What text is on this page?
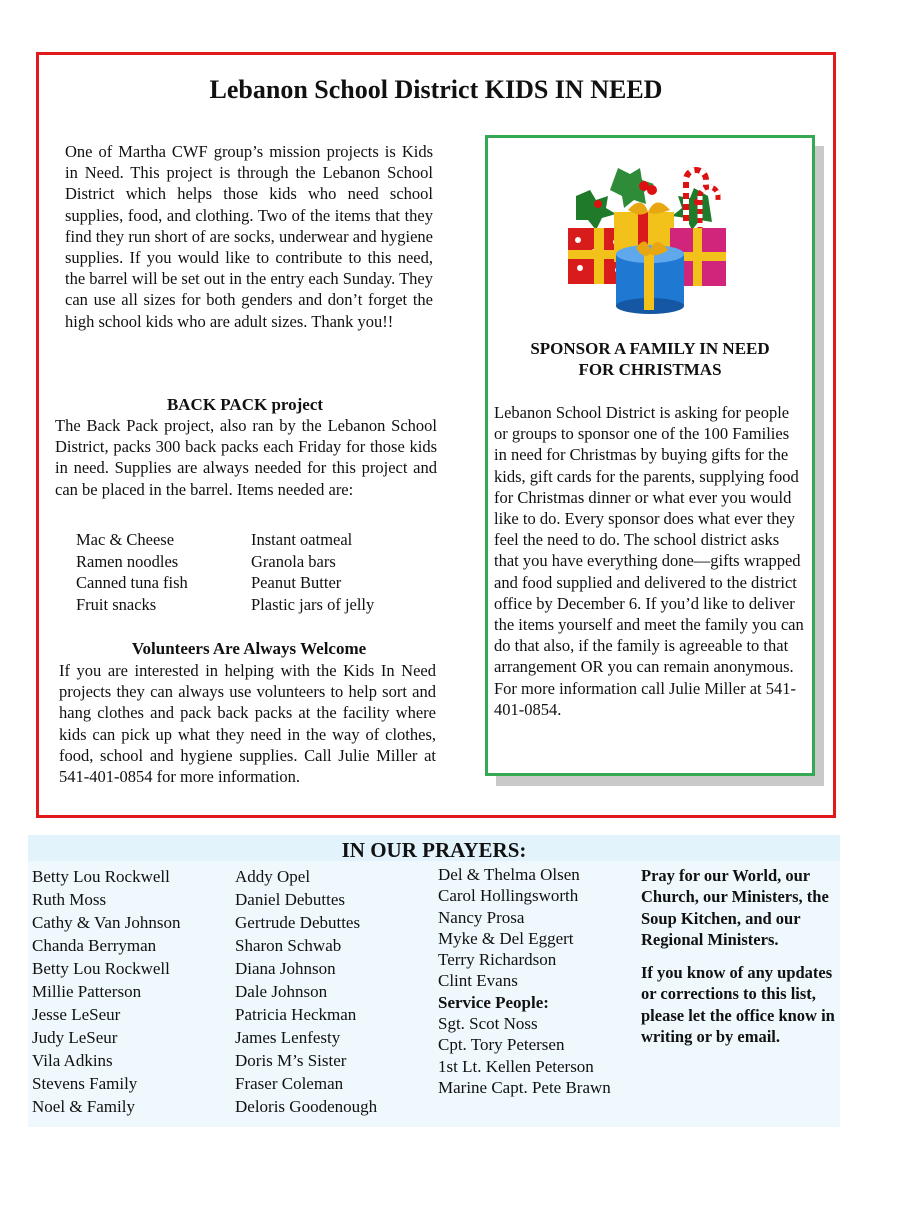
Lebanon School District KIDS IN NEED

One of Martha CWF group’s mission projects is Kids in Need. This project is through the Lebanon School District which helps those kids who need school supplies, food, and clothing. Two of the items that they find they run short of are socks, underwear and hygiene supplies. If you would like to contribute to this need, the barrel will be set out in the entry each Sunday. They can use all sizes for both genders and don’t forget the high school kids who are adult sizes. Thank you!!

BACK PACK project

The Back Pack project, also ran by the Lebanon School District, packs 300 back packs each Friday for those kids in need. Supplies are always needed for this project and can be placed in the barrel. Items needed are:

Mac & Cheese
Ramen noodles
Canned tuna fish
Fruit snacks
Instant oatmeal
Granola bars
Peanut Butter
Plastic jars of jelly
Volunteers Are Always Welcome

If you are interested in helping with the Kids In Need projects they can always use volunteers to help sort and hang clothes and pack back packs at the facility where kids can pick up what they need in the way of clothes, food, school and hygiene supplies. Call Julie Miller at 541-401-0854 for more information.

SPONSOR A FAMILY IN NEED
FOR CHRISTMAS

Lebanon School District is asking for people or groups to sponsor one of the 100 Families in need for Christmas by buying gifts for the kids, gift cards for the parents, supplying food for Christmas dinner or what ever you would like to do. Every sponsor does what ever they feel the need to do. The school district asks that you have everything done—gifts wrapped and food supplied and delivered to the district office by December 6. If you’d like to deliver the items yourself and meet the family you can do that also, if the family is agreeable to that arrangement OR you can remain anonymous. For more information call Julie Miller at 541-401-0854.

IN OUR PRAYERS:
Betty Lou Rockwell
Ruth Moss
Cathy & Van Johnson
Chanda Berryman
Betty Lou Rockwell
Millie Patterson
Jesse LeSeur
Judy LeSeur
Vila Adkins
Stevens Family
Noel & Family
Addy Opel
Daniel Debuttes
Gertrude Debuttes
Sharon Schwab
Diana Johnson
Dale Johnson
Patricia Heckman
James Lenfesty
Doris M’s Sister
Fraser Coleman
Deloris Goodenough
Del & Thelma Olsen
Carol Hollingsworth
Nancy Prosa
Myke & Del Eggert
Terry Richardson
Clint Evans
Service People:
Sgt. Scot Noss
Cpt. Tory Petersen
1st Lt. Kellen Peterson
Marine Capt. Pete Brawn

Pray for our World, our Church, our Ministers, the Soup Kitchen, and our Regional Ministers.

If you know of any updates or corrections to this list, please let the office know in writing or by email.
